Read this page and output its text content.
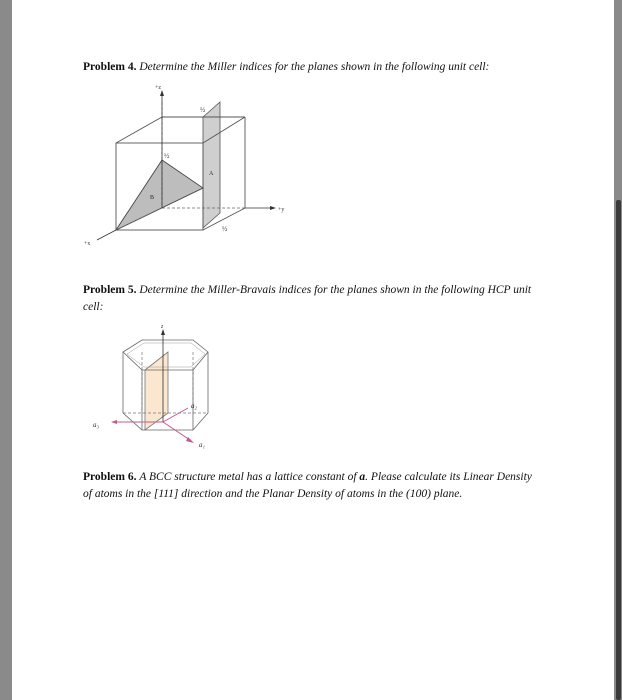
Problem 4. Determine the Miller indices for the planes shown in the following unit cell:
+z
+y
+x
½
½
½
A
B
Problem 5. Determine the Miller-Bravais indices for the planes shown in the following HCP unit cell:
z
a₁
a₂
a₃
Problem 6. A BCC structure metal has a lattice constant of a. Please calculate its Linear Density of atoms in the [111] direction and the Planar Density of atoms in the (100) plane.
